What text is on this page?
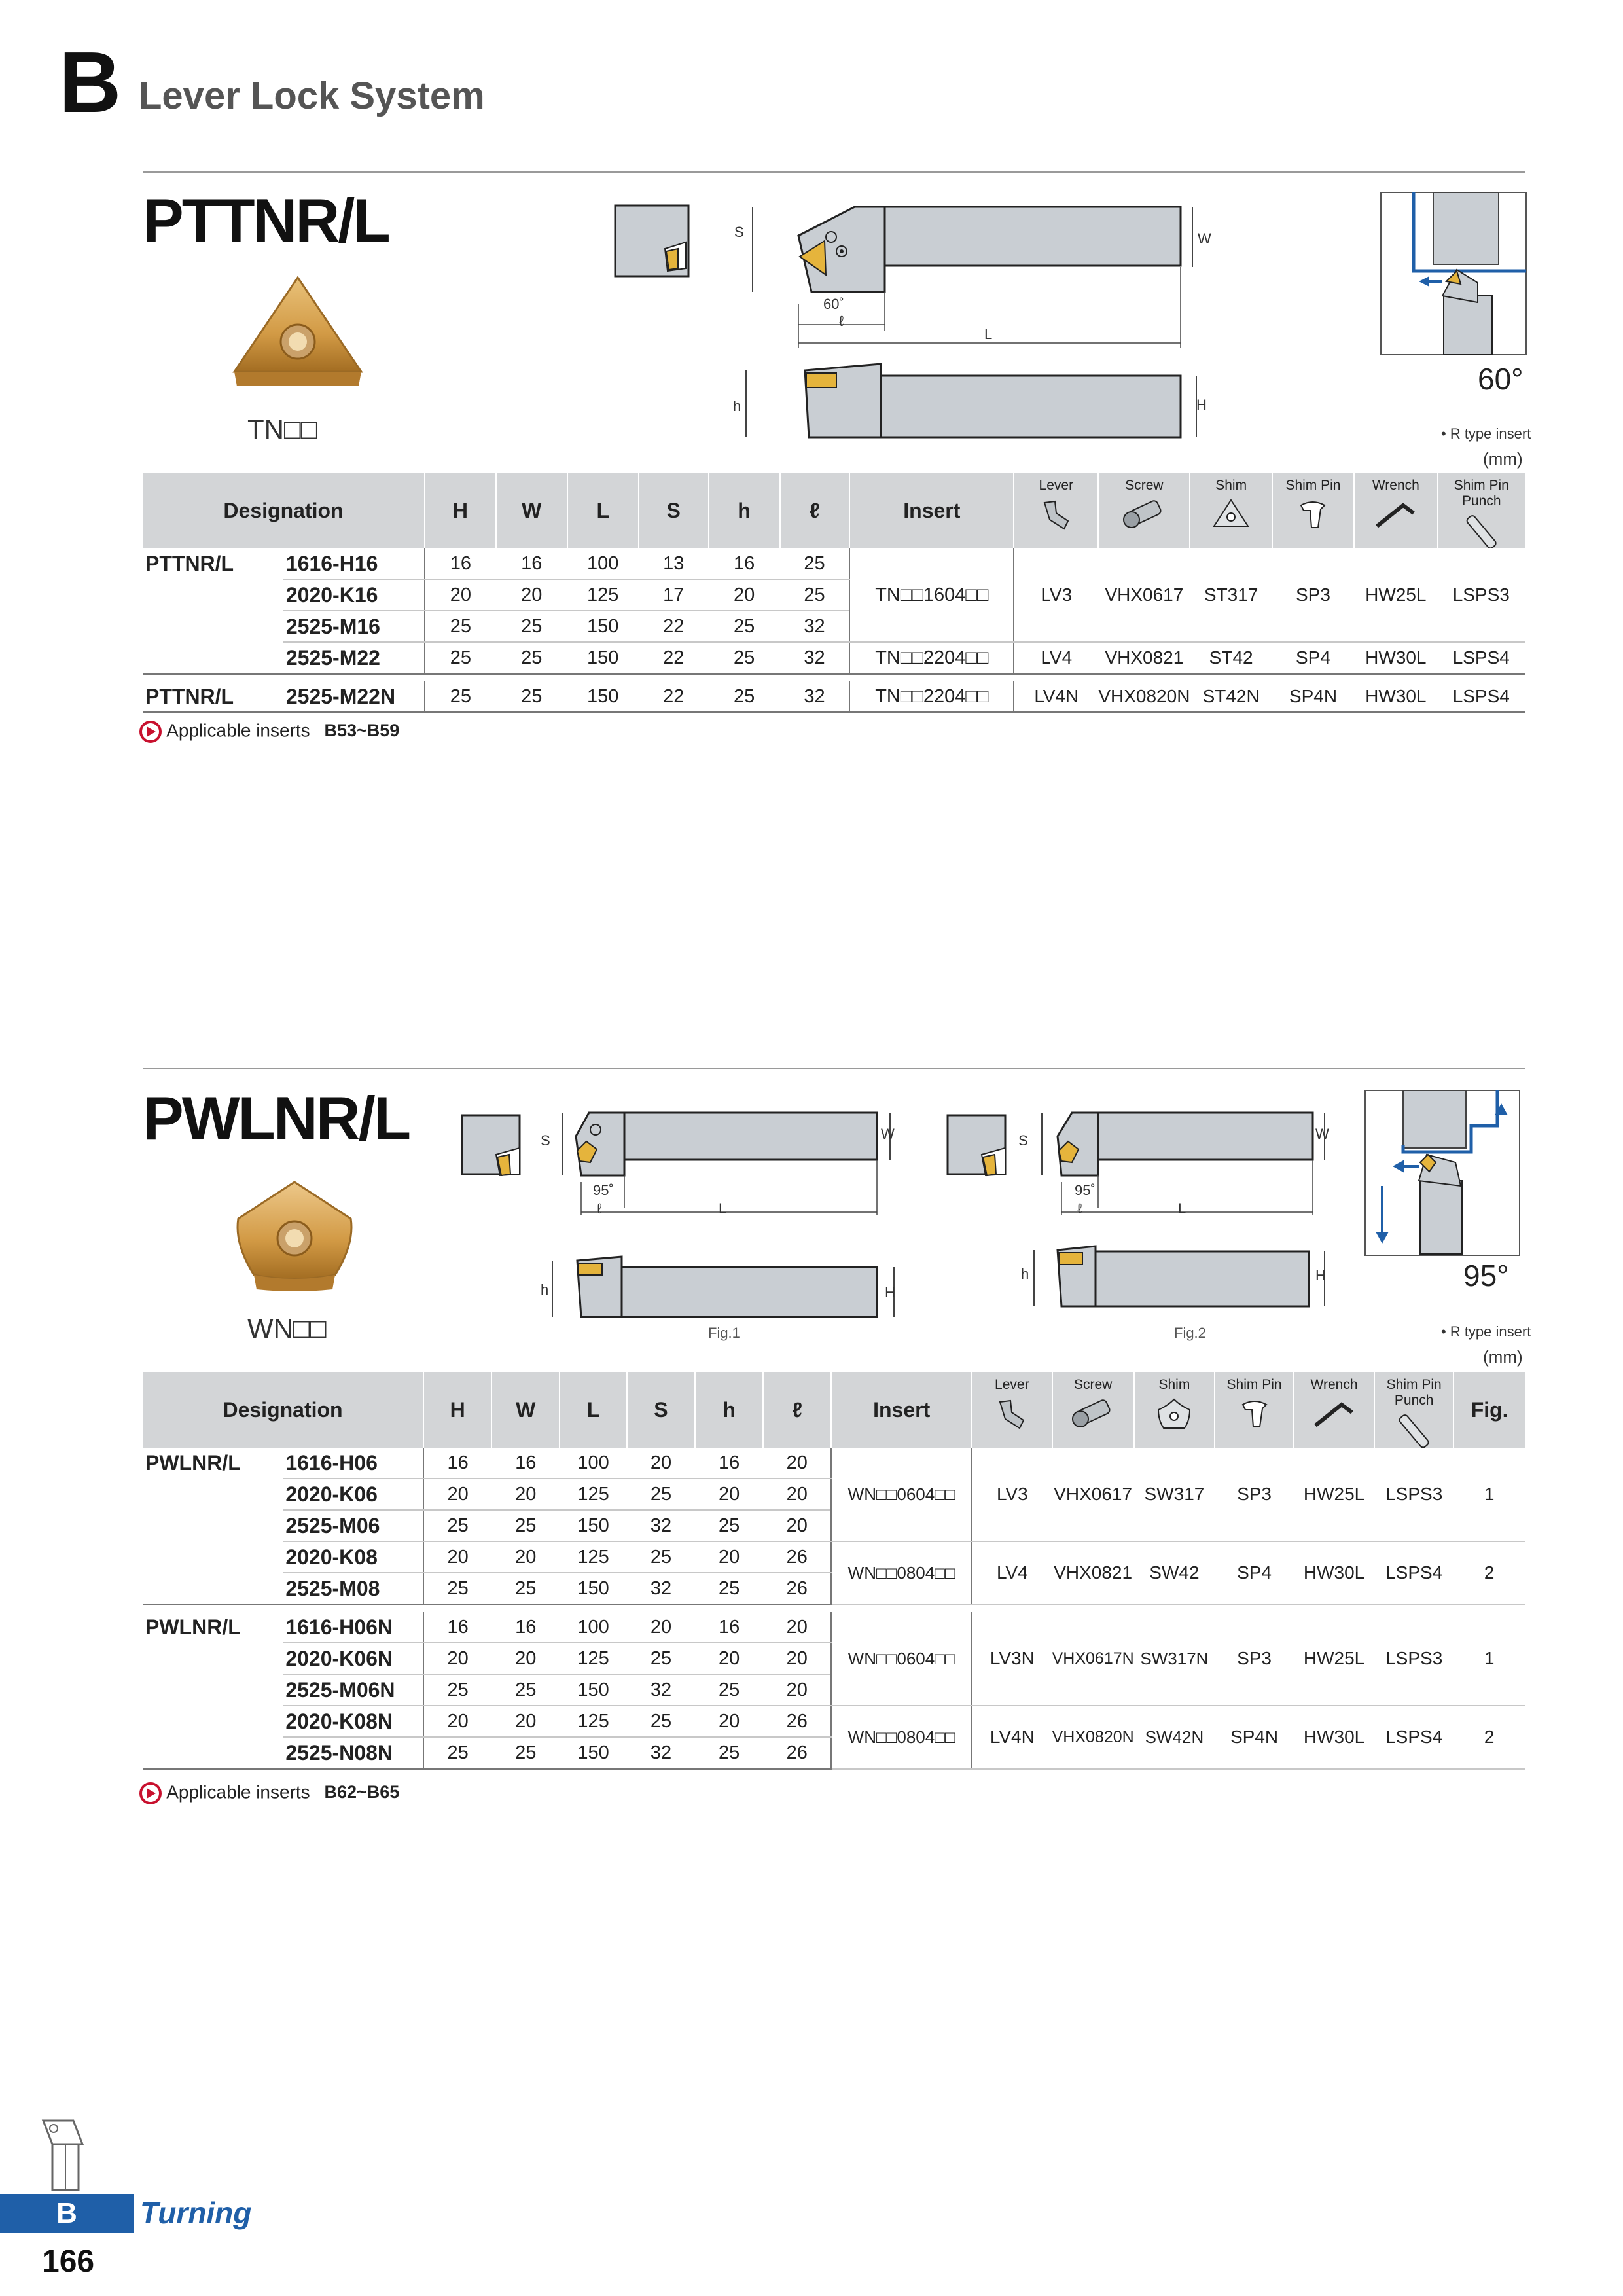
B Lever Lock System
PTTNR/L
TN□□
S	W
60˚
ℓ
L
h	H
60°
• R type insert
(mm)
Designation		H	W	L	S	h	ℓ	Insert	Lever	Screw	Shim	Shim Pin	Wrench	Shim Pin Punch

PTTNR/L	1616-H16	16	16	100	13	16	25	TN□□1604□□	LV3	VHX0617	ST317	SP3	HW25L	LSPS3
	2020-K16	20	20	125	17	20	25							
	2525-M16	25	25	150	22	25	32							
	2525-M22	25	25	150	22	25	32	TN□□2204□□	LV4	VHX0821	ST42	SP4	HW30L	LSPS4

PTTNR/L	2525-M22N	25	25	150	22	25	32	TN□□2204□□	LV4N	VHX0820N	ST42N	SP4N	HW30L	LSPS4
Applicable inserts B53~B59
PWLNR/L
WN□□
S	W
95˚
ℓ	L
h	H
Fig.1
S	W
95˚
ℓ	L
h	H
Fig.2
95°
• R type insert
(mm)
Designation		H	W	L	S	h	ℓ	Insert	Lever	Screw	Shim	Shim Pin	Wrench	Shim Pin Punch	Fig.
PWLNR/L	1616-H06	16	16	100	20	16	20	WN□□0604□□	LV3	VHX0617	SW317	SP3	HW25L	LSPS3	1
	2020-K06	20	20	125	25	20	20								
	2525-M06	25	25	150	32	25	20								
	2020-K08	20	20	125	25	20	26	WN□□0804□□	LV4	VHX0821	SW42	SP4	HW30L	LSPS4	2
	2525-M08	25	25	150	32	25	26								

PWLNR/L	1616-H06N	16	16	100	20	16	20	WN□□0604□□	LV3N	VHX0617N	SW317N	SP3	HW25L	LSPS3	1
	2020-K06N	20	20	125	25	20	20								
	2525-M06N	25	25	150	32	25	20								
	2020-K08N	20	20	125	25	20	26	WN□□0804□□	LV4N	VHX0820N	SW42N	SP4N	HW30L	LSPS4	2
	2525-N08N	25	25	150	32	25	26								
Applicable inserts B62~B65
B	Turning
166
